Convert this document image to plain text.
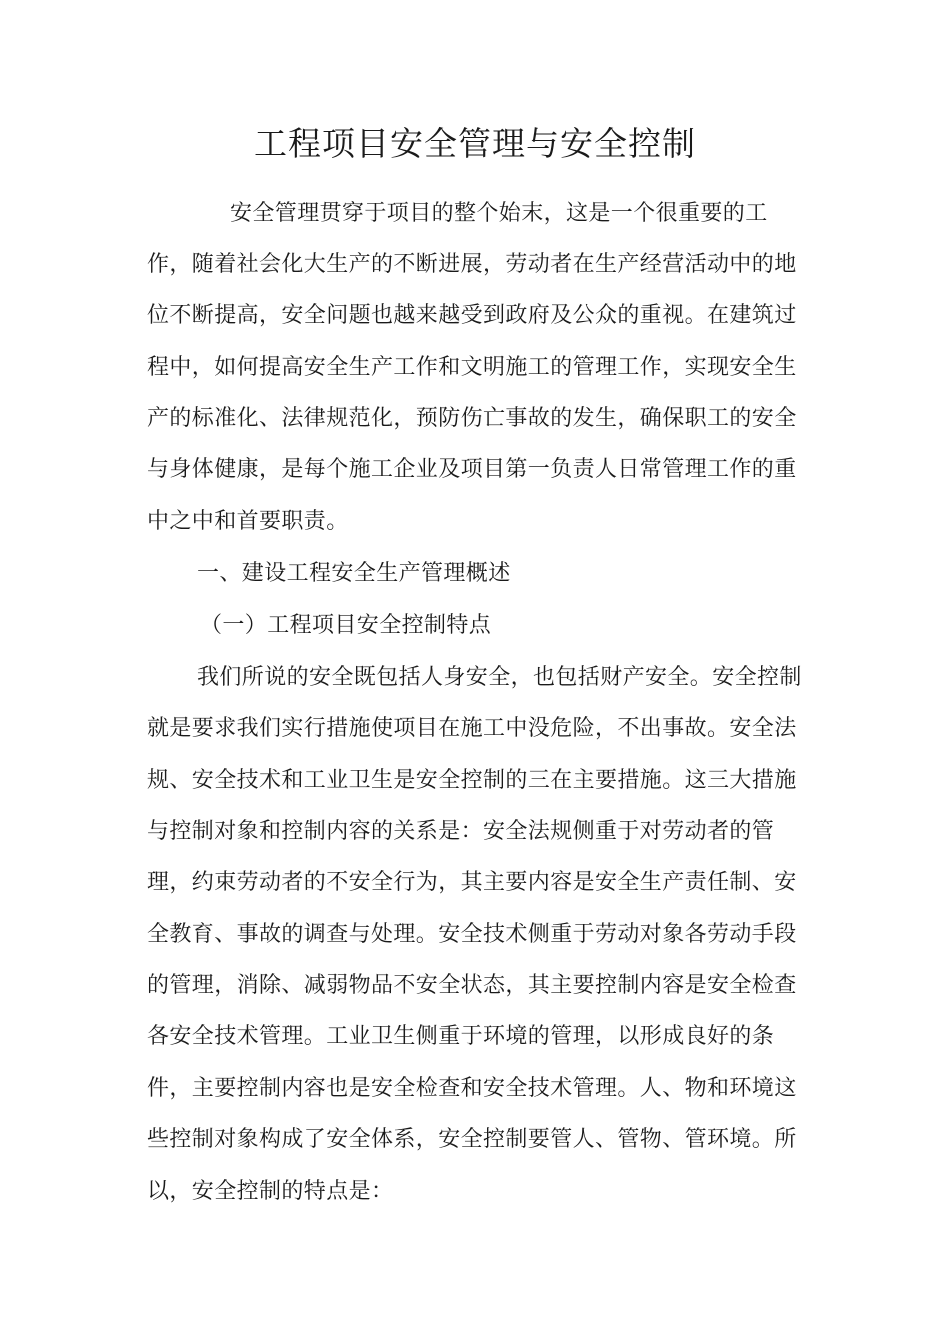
工程项目安全管理与安全控制
安全管理贯穿于项目的整个始末，这是一个很重要的工
作，随着社会化大生产的不断进展，劳动者在生产经营活动中的地
位不断提高，安全问题也越来越受到政府及公众的重视。在建筑过
程中，如何提高安全生产工作和文明施工的管理工作，实现安全生
产的标准化、法律规范化，预防伤亡事故的发生，确保职工的安全
与身体健康，是每个施工企业及项目第一负责人日常管理工作的重
中之中和首要职责。
一、建设工程安全生产管理概述
（一）工程项目安全控制特点
我们所说的安全既包括人身安全，也包括财产安全。安全控制
就是要求我们实行措施使项目在施工中没危险，不出事故。安全法
规、安全技术和工业卫生是安全控制的三在主要措施。这三大措施
与控制对象和控制内容的关系是：安全法规侧重于对劳动者的管
理，约束劳动者的不安全行为，其主要内容是安全生产责任制、安
全教育、事故的调查与处理。安全技术侧重于劳动对象各劳动手段
的管理，消除、减弱物品不安全状态，其主要控制内容是安全检查
各安全技术管理。工业卫生侧重于环境的管理，以形成良好的条
件，主要控制内容也是安全检查和安全技术管理。人、物和环境这
些控制对象构成了安全体系，安全控制要管人、管物、管环境。所
以，安全控制的特点是：
